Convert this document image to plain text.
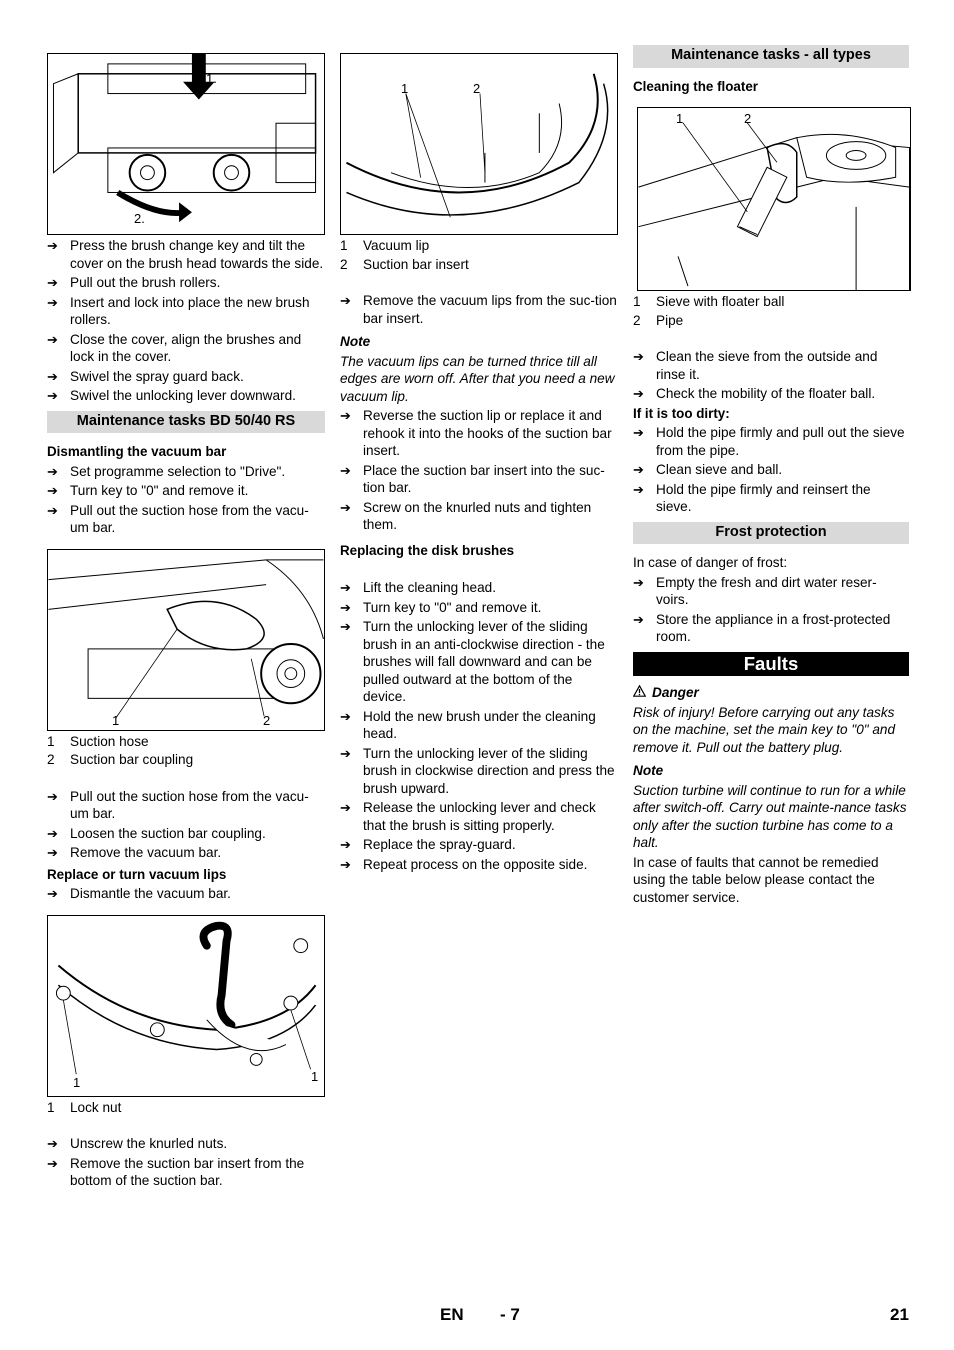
1.
2.
➔ Press the brush change key and tilt the cover on the brush head towards the side.
➔ Pull out the brush rollers.
➔ Insert and lock into place the new brush rollers.
➔ Close the cover, align the brushes and lock in the cover.
➔ Swivel the spray guard back.
➔ Swivel the unlocking lever downward.
Maintenance tasks BD 50/40 RS
Dismantling the vacuum bar
➔ Set programme selection to "Drive".
➔ Turn key to "0" and remove it.
➔ Pull out the suction hose from the vacu-um bar.
1	2
1	Suction hose
2	Suction bar coupling
➔ Pull out the suction hose from the vacu-um bar.
➔ Loosen the suction bar coupling.
➔ Remove the vacuum bar.
Replace or turn vacuum lips
➔ Dismantle the vacuum bar.
1	1
1	Lock nut
➔ Unscrew the knurled nuts.
➔ Remove the suction bar insert from the bottom of the suction bar.
1	2
1	Vacuum lip
2	Suction bar insert
➔ Remove the vacuum lips from the suc-tion bar insert.
Note
The vacuum lips can be turned thrice till all edges are worn off. After that you need a new vacuum lip.
➔ Reverse the suction lip or replace it and rehook it into the hooks of the suction bar insert.
➔ Place the suction bar insert into the suc-tion bar.
➔ Screw on the knurled nuts and tighten them.
Replacing the disk brushes
➔ Lift the cleaning head.
➔ Turn key to "0" and remove it.
➔ Turn the unlocking lever of the sliding brush in an anti-clockwise direction - the brushes will fall downward and can be pulled outward at the bottom of the device.
➔ Hold the new brush under the cleaning head.
➔ Turn the unlocking lever of the sliding brush in clockwise direction and press the brush upward.
➔ Release the unlocking lever and check that the brush is sitting properly.
➔ Replace the spray-guard.
➔ Repeat process on the opposite side.
Maintenance tasks - all types
Cleaning the floater
1	2
1	Sieve with floater ball
2	Pipe
➔ Clean the sieve from the outside and rinse it.
➔ Check the mobility of the floater ball.
If it is too dirty:
➔ Hold the pipe firmly and pull out the sieve from the pipe.
➔ Clean sieve and ball.
➔ Hold the pipe firmly and reinsert the sieve.
Frost protection
In case of danger of frost:
➔ Empty the fresh and dirt water reser-voirs.
➔ Store the appliance in a frost-protected room.
Faults
Danger
Risk of injury! Before carrying out any tasks on the machine, set the main key to "0" and remove it. Pull out the battery plug.
Note
Suction turbine will continue to run for a while after switch-off. Carry out mainte-nance tasks only after the suction turbine has come to a halt.
In case of faults that cannot be remedied using the table below please contact the customer service.
EN - 7	21
